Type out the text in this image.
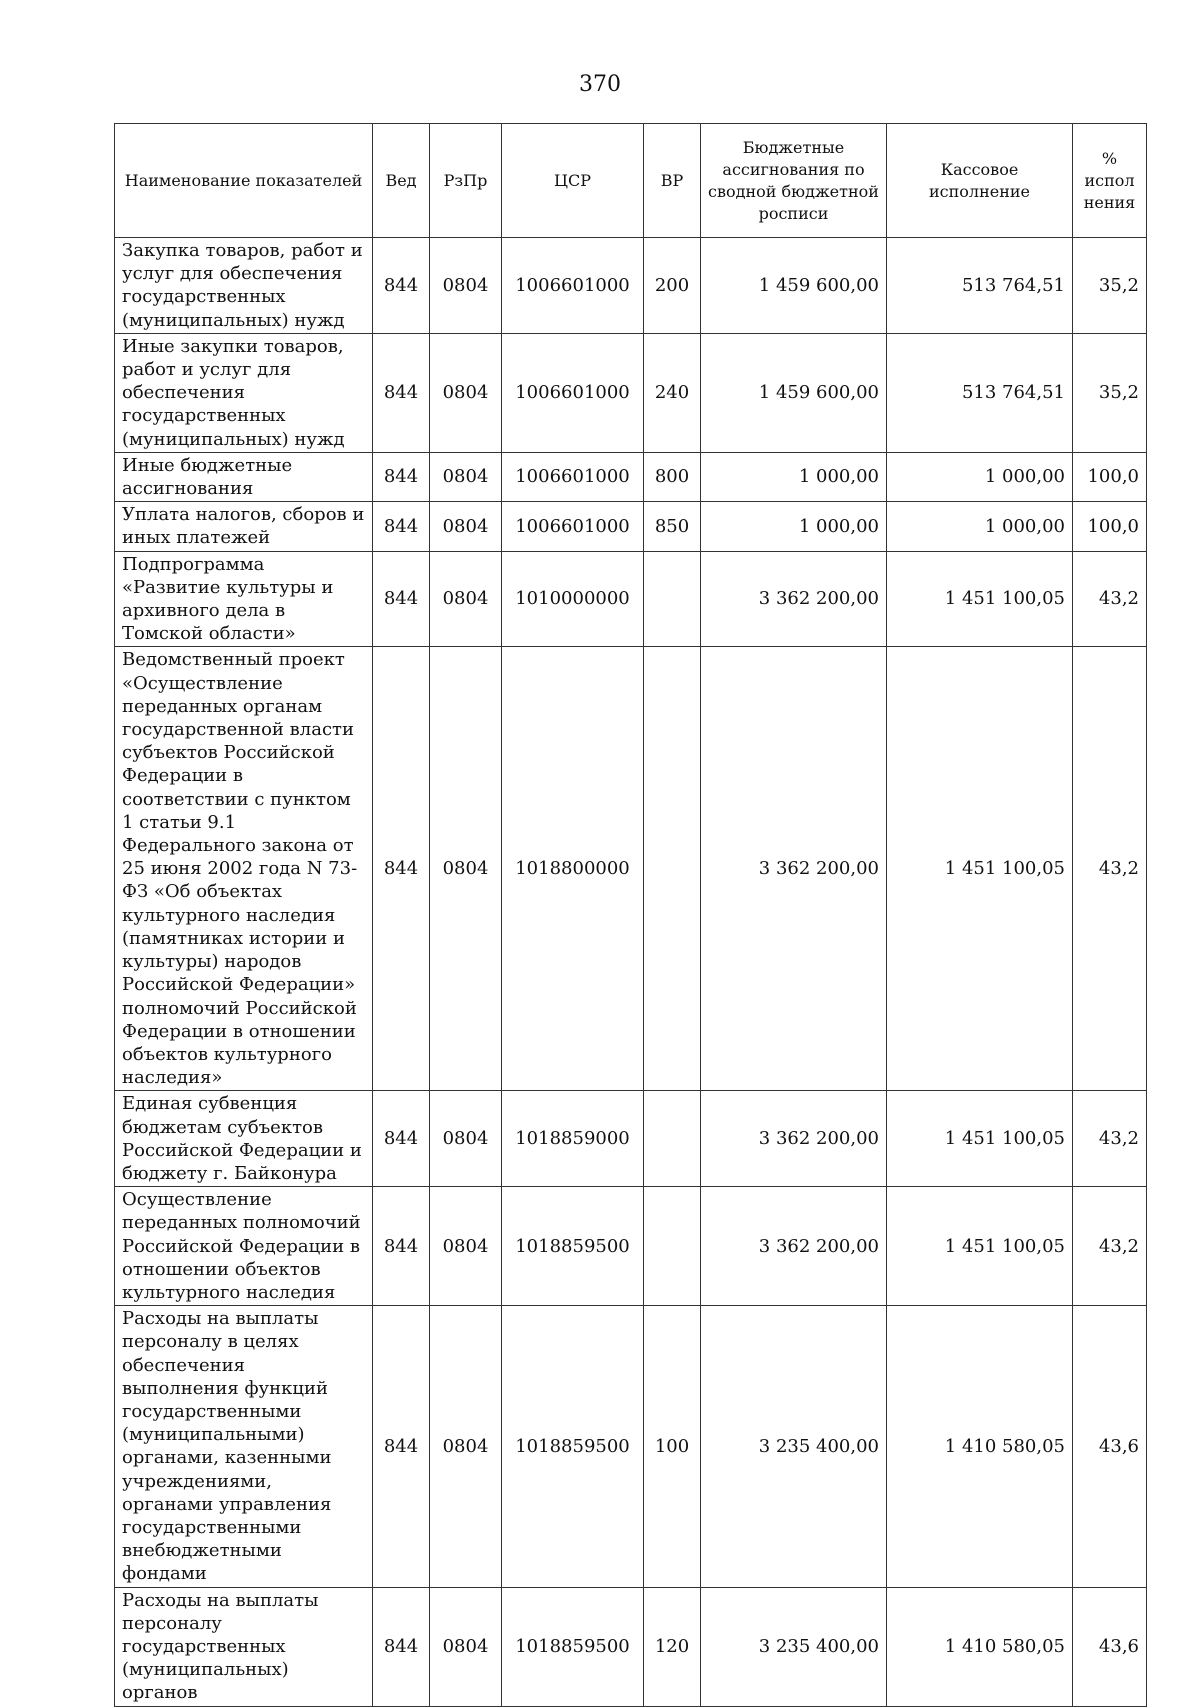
370
Наименование показателей	Вед	РзПр	ЦСР	ВР	Бюджетные ассигнования по сводной бюджетной росписи	Кассовое исполнение	% испол нения
Закупка товаров, работ и услуг для обеспечения государственных (муниципальных) нужд	844	0804	1006601000	200	1 459 600,00	513 764,51	35,2
Иные закупки товаров, работ и услуг для обеспечения государственных (муниципальных) нужд	844	0804	1006601000	240	1 459 600,00	513 764,51	35,2
Иные бюджетные ассигнования	844	0804	1006601000	800	1 000,00	1 000,00	100,0
Уплата налогов, сборов и иных платежей	844	0804	1006601000	850	1 000,00	1 000,00	100,0
Подпрограмма «Развитие культуры и архивного дела в Томской области»	844	0804	1010000000		3 362 200,00	1 451 100,05	43,2
Ведомственный проект «Осуществление переданных органам государственной власти субъектов Российской Федерации в соответствии с пунктом 1 статьи 9.1 Федерального закона от 25 июня 2002 года N 73-ФЗ «Об объектах культурного наследия (памятниках истории и культуры) народов Российской Федерации» полномочий Российской Федерации в отношении объектов культурного наследия»	844	0804	1018800000		3 362 200,00	1 451 100,05	43,2
Единая субвенция бюджетам субъектов Российской Федерации и бюджету г. Байконура	844	0804	1018859000		3 362 200,00	1 451 100,05	43,2
Осуществление переданных полномочий Российской Федерации в отношении объектов культурного наследия	844	0804	1018859500		3 362 200,00	1 451 100,05	43,2
Расходы на выплаты персоналу в целях обеспечения выполнения функций государственными (муниципальными) органами, казенными учреждениями, органами управления государственными внебюджетными фондами	844	0804	1018859500	100	3 235 400,00	1 410 580,05	43,6
Расходы на выплаты персоналу государственных (муниципальных) органов	844	0804	1018859500	120	3 235 400,00	1 410 580,05	43,6
